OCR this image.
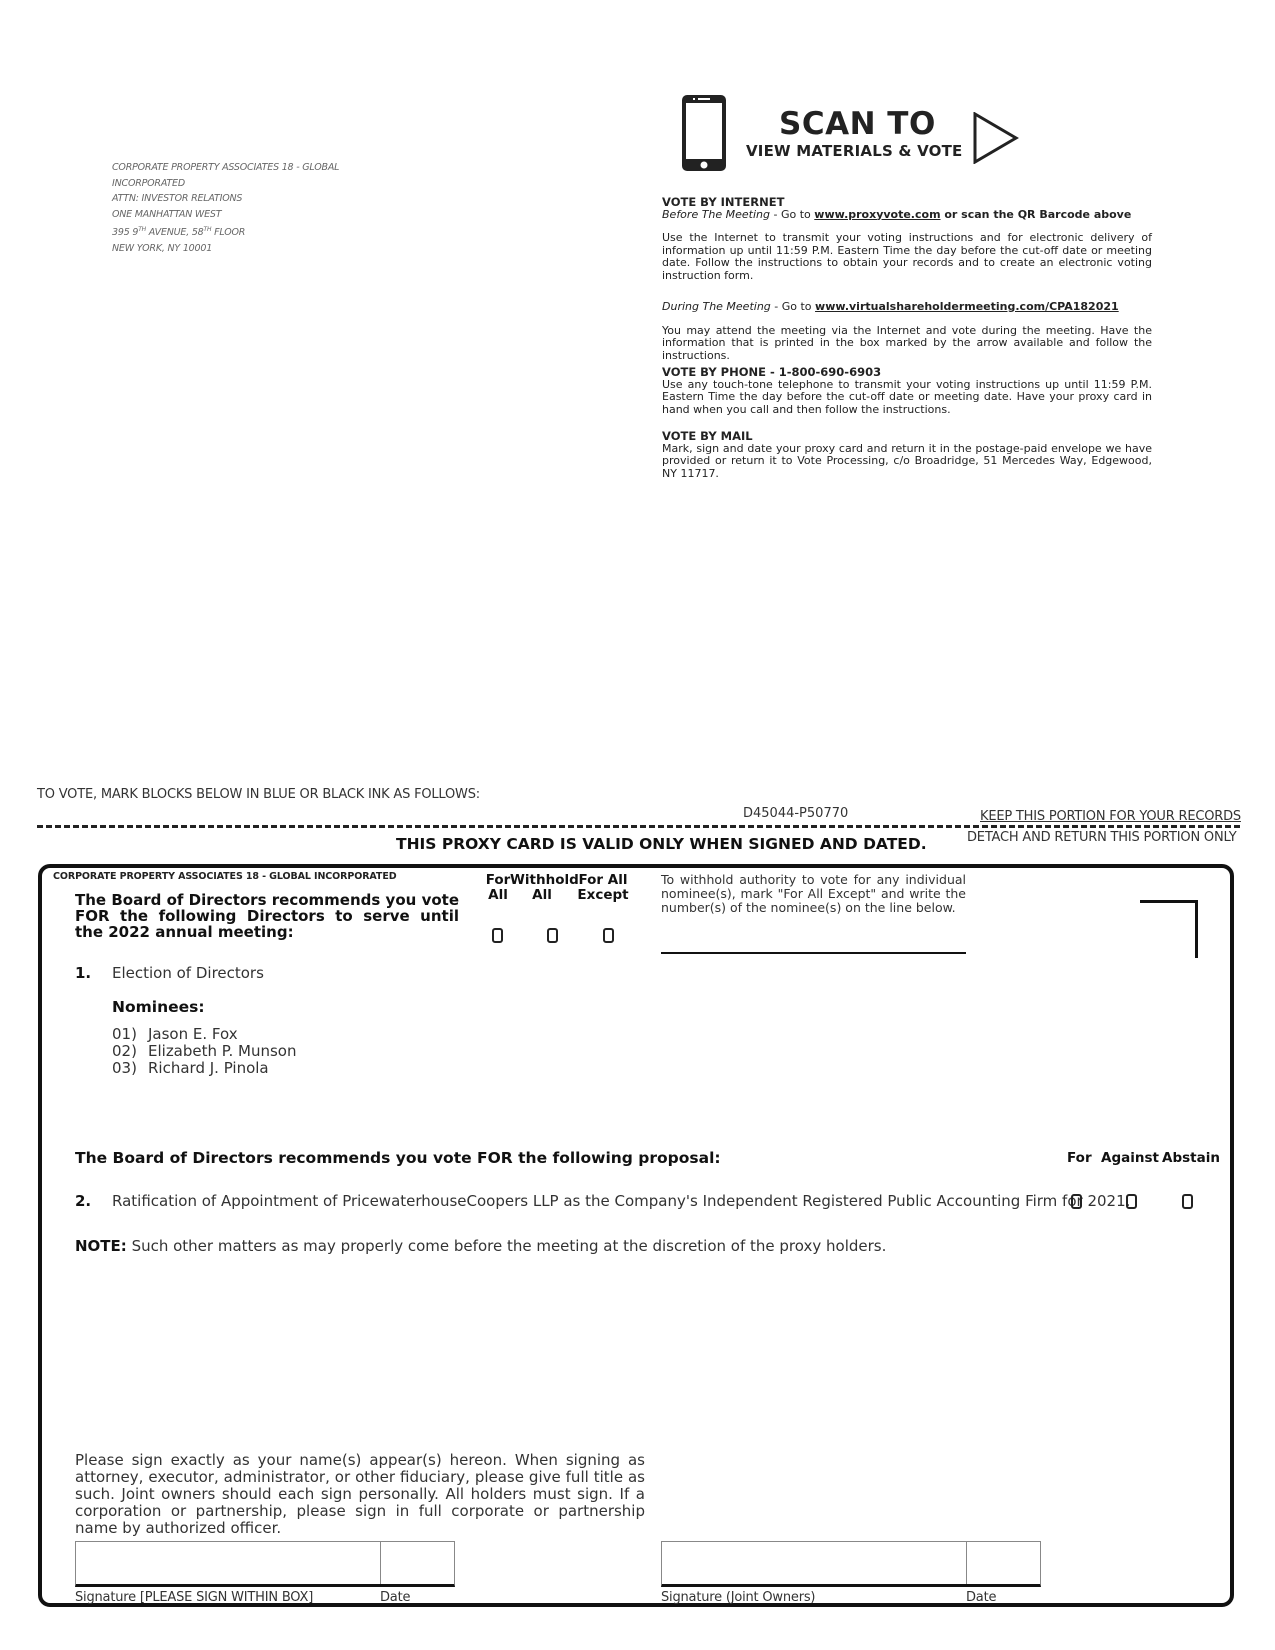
CORPORATE PROPERTY ASSOCIATES 18 - GLOBAL
INCORPORATED
ATTN: INVESTOR RELATIONS
ONE MANHATTAN WEST
395 9TH AVENUE, 58TH FLOOR
NEW YORK, NY 10001
SCAN TO
VIEW MATERIALS & VOTE
VOTE BY INTERNET
Before The Meeting - Go to www.proxyvote.com or scan the QR Barcode above
Use the Internet to transmit your voting instructions and for electronic delivery of information up until 11:59 P.M. Eastern Time the day before the cut-off date or meeting date. Follow the instructions to obtain your records and to create an electronic voting instruction form.
During The Meeting - Go to www.virtualshareholdermeeting.com/CPA182021
You may attend the meeting via the Internet and vote during the meeting. Have the information that is printed in the box marked by the arrow available and follow the instructions.
VOTE BY PHONE - 1-800-690-6903
Use any touch-tone telephone to transmit your voting instructions up until 11:59 P.M. Eastern Time the day before the cut-off date or meeting date. Have your proxy card in hand when you call and then follow the instructions.
VOTE BY MAIL
Mark, sign and date your proxy card and return it in the postage-paid envelope we have provided or return it to Vote Processing, c/o Broadridge, 51 Mercedes Way, Edgewood, NY 11717.
TO VOTE, MARK BLOCKS BELOW IN BLUE OR BLACK INK AS FOLLOWS:
D45044-P50770	KEEP THIS PORTION FOR YOUR RECORDS
DETACH AND RETURN THIS PORTION ONLY
THIS PROXY CARD IS VALID ONLY WHEN SIGNED AND DATED.
CORPORATE PROPERTY ASSOCIATES 18 - GLOBAL INCORPORATED
The Board of Directors recommends you vote FOR the following Directors to serve until the 2022 annual meeting:
For
All
Withhold
All
For All
Except
To withhold authority to vote for any individual nominee(s), mark "For All Except" and write the number(s) of the nominee(s) on the line below.
1. Election of Directors
Nominees:
01) Jason E. Fox
02) Elizabeth P. Munson
03) Richard J. Pinola
The Board of Directors recommends you vote FOR the following proposal:	For Against Abstain
2. Ratification of Appointment of PricewaterhouseCoopers LLP as the Company's Independent Registered Public Accounting Firm for 2021.
NOTE: Such other matters as may properly come before the meeting at the discretion of the proxy holders.
Please sign exactly as your name(s) appear(s) hereon. When signing as attorney, executor, administrator, or other fiduciary, please give full title as such. Joint owners should each sign personally. All holders must sign. If a corporation or partnership, please sign in full corporate or partnership name by authorized officer.
Signature [PLEASE SIGN WITHIN BOX]	Date	Signature (Joint Owners)	Date
